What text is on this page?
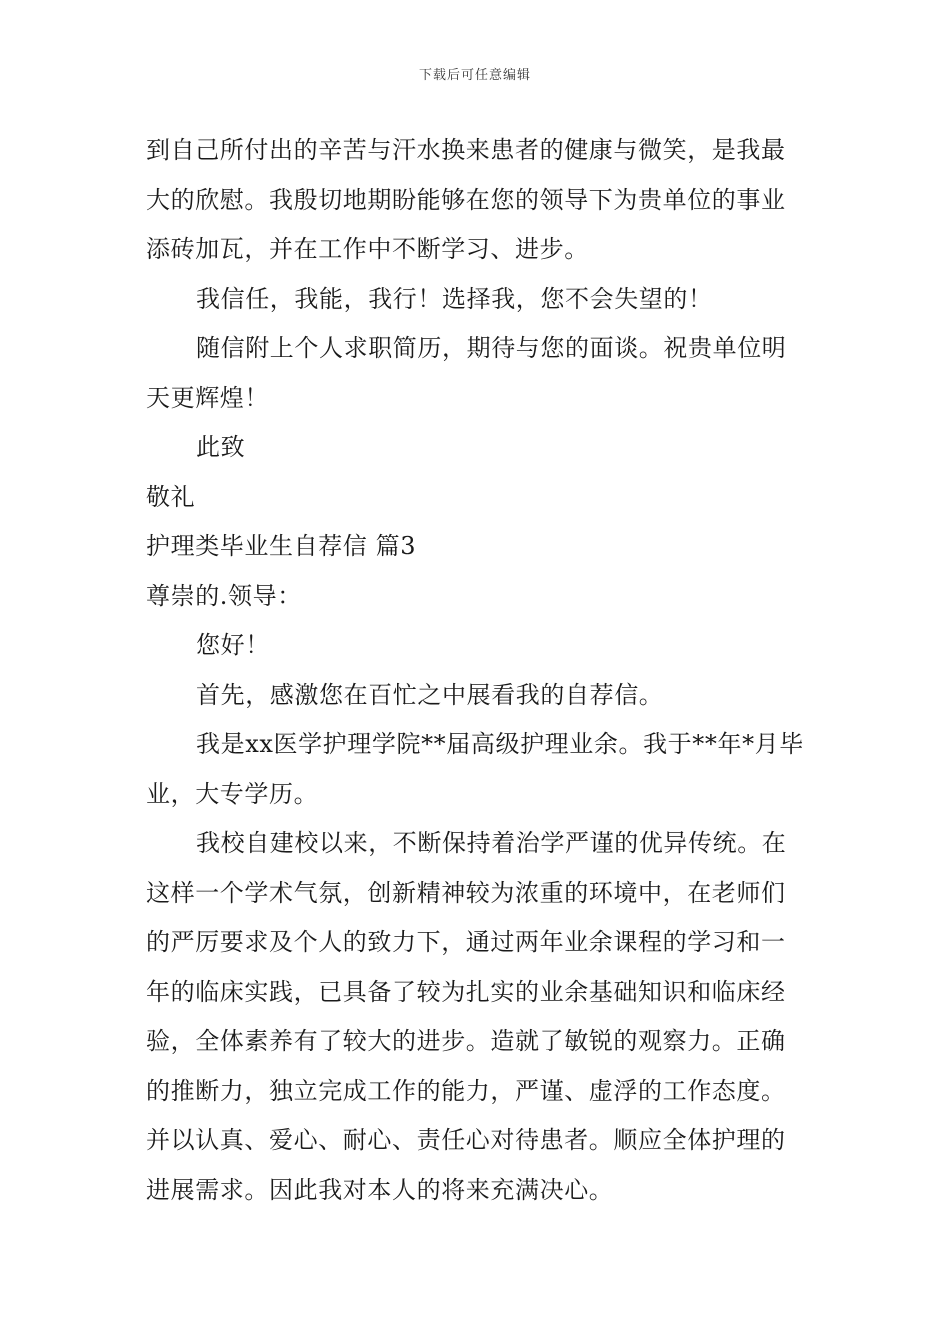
下载后可任意编辑

到自己所付出的辛苦与汗水换来患者的健康与微笑，是我最大的欣慰。我殷切地期盼能够在您的领导下为贵单位的事业添砖加瓦，并在工作中不断学习、进步。

我信任，我能，我行！选择我，您不会失望的！

随信附上个人求职简历，期待与您的面谈。祝贵单位明天更辉煌！

此致

敬礼

护理类毕业生自荐信 篇3

尊崇的.领导：

您好！

首先，感激您在百忙之中展看我的自荐信。

我是xx医学护理学院**届高级护理业余。我于**年*月毕业，大专学历。

我校自建校以来，不断保持着治学严谨的优异传统。在这样一个学术气氛，创新精神较为浓重的环境中，在老师们的严厉要求及个人的致力下，通过两年业余课程的学习和一年的临床实践，已具备了较为扎实的业余基础知识和临床经验，全体素养有了较大的进步。造就了敏锐的观察力。正确的推断力，独立完成工作的能力，严谨、虚浮的工作态度。并以认真、爱心、耐心、责任心对待患者。顺应全体护理的进展需求。因此我对本人的将来充满决心。
